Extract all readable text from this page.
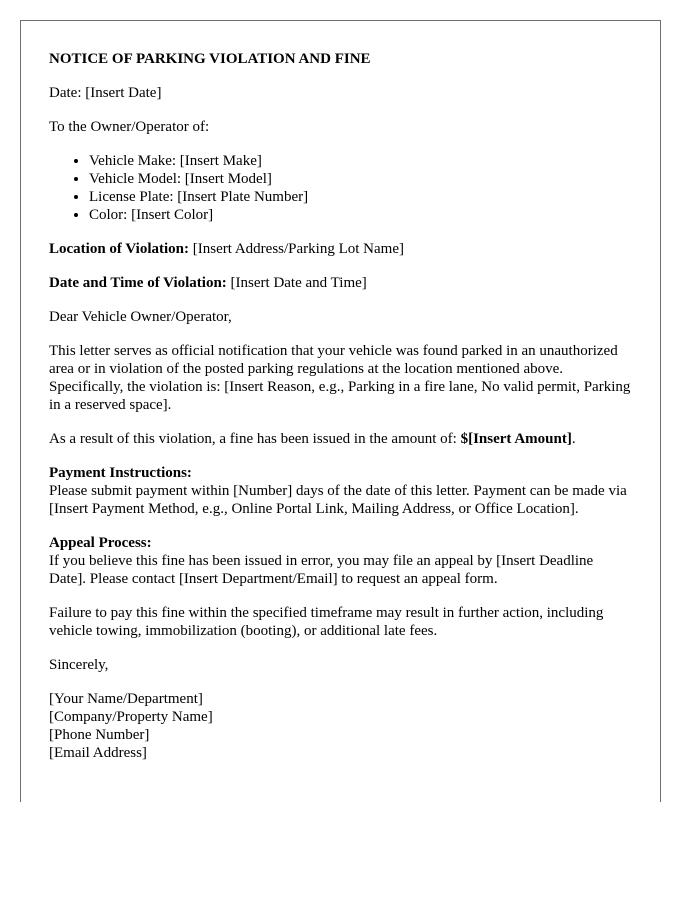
NOTICE OF PARKING VIOLATION AND FINE

Date: [Insert Date]

To the Owner/Operator of:

• Vehicle Make: [Insert Make]
• Vehicle Model: [Insert Model]
• License Plate: [Insert Plate Number]
• Color: [Insert Color]

Location of Violation: [Insert Address/Parking Lot Name]

Date and Time of Violation: [Insert Date and Time]

Dear Vehicle Owner/Operator,

This letter serves as official notification that your vehicle was found parked in an unauthorized area or in violation of the posted parking regulations at the location mentioned above. Specifically, the violation is: [Insert Reason, e.g., Parking in a fire lane, No valid permit, Parking in a reserved space].

As a result of this violation, a fine has been issued in the amount of: $[Insert Amount].

Payment Instructions:
Please submit payment within [Number] days of the date of this letter. Payment can be made via [Insert Payment Method, e.g., Online Portal Link, Mailing Address, or Office Location].

Appeal Process:
If you believe this fine has been issued in error, you may file an appeal by [Insert Deadline Date]. Please contact [Insert Department/Email] to request an appeal form.

Failure to pay this fine within the specified timeframe may result in further action, including vehicle towing, immobilization (booting), or additional late fees.

Sincerely,

[Your Name/Department]
[Company/Property Name]
[Phone Number]
[Email Address]
